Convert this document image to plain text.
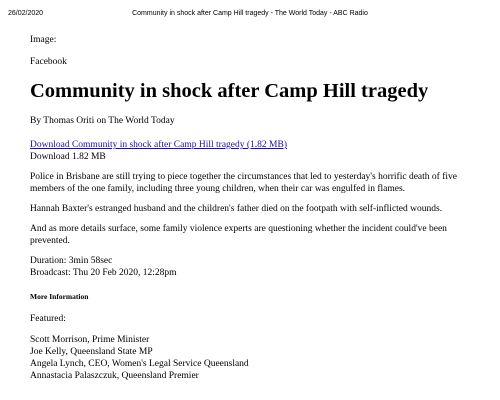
26/02/2020	Community in shock after Camp Hill tragedy - The World Today - ABC Radio

Image:

Facebook

Community in shock after Camp Hill tragedy

By Thomas Oriti on The World Today

Download Community in shock after Camp Hill tragedy (1.82 MB)

Download 1.82 MB

Police in Brisbane are still trying to piece together the circumstances that led to yesterday's horrific death of five members of the one family, including three young children, when their car was engulfed in flames.

Hannah Baxter's estranged husband and the children's father died on the footpath with self-inflicted wounds.

And as more details surface, some family violence experts are questioning whether the incident could've been prevented.

Duration: 3min 58sec

Broadcast: Thu 20 Feb 2020, 12:28pm

More Information

Featured:

Scott Morrison, Prime Minister

Joe Kelly, Queensland State MP

Angela Lynch, CEO, Women's Legal Service Queensland

Annastacia Palaszczuk, Queensland Premier
